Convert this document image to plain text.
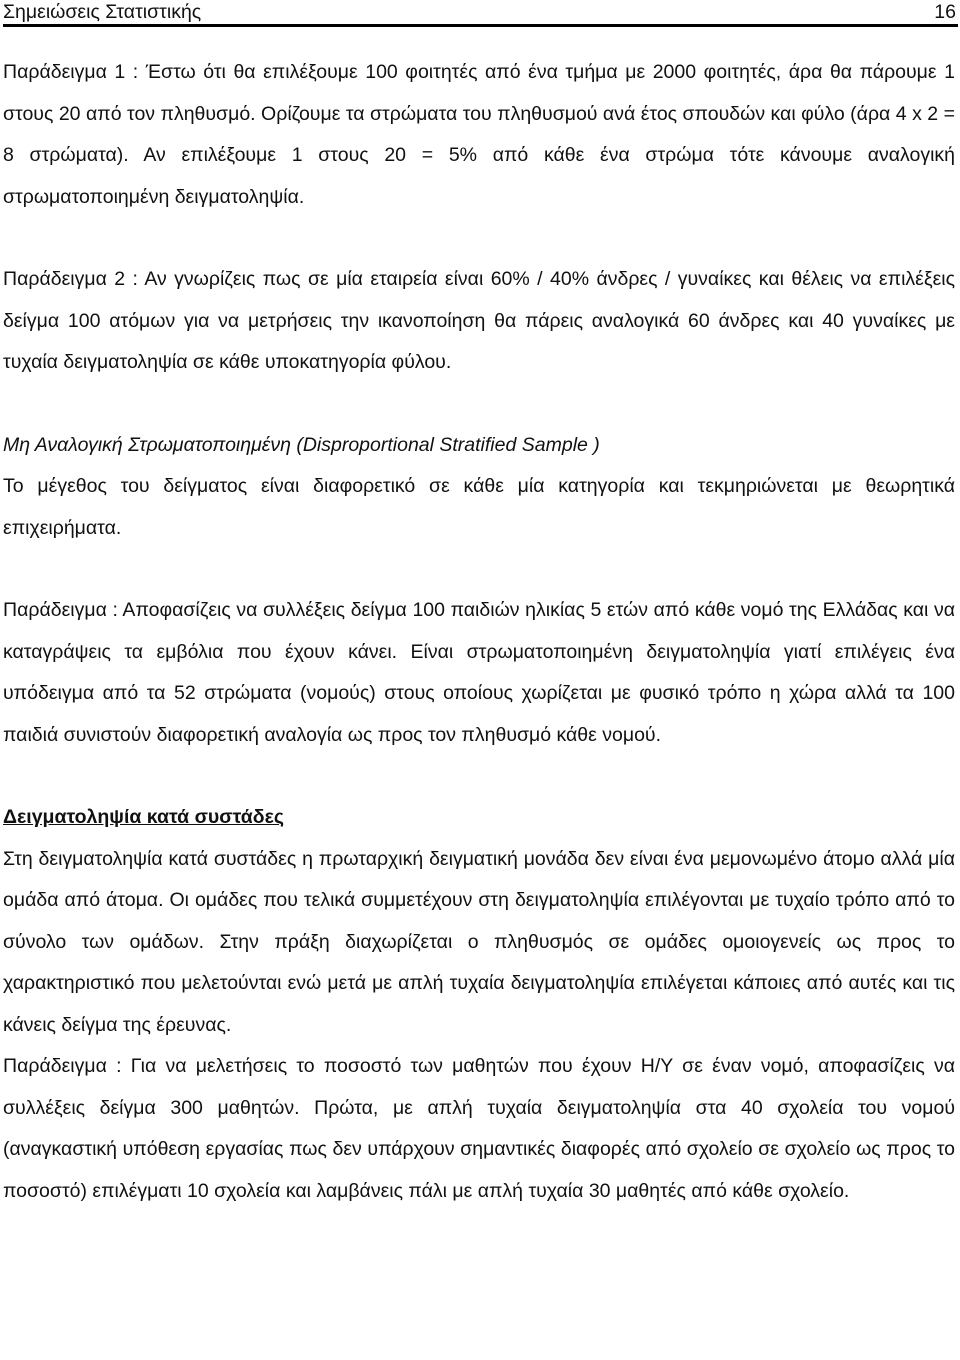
Σημειώσεις Στατιστικής	16

Παράδειγμα 1 : Έστω ότι θα επιλέξουμε 100 φοιτητές από ένα τμήμα με 2000 φοιτητές, άρα θα πάρουμε 1 στους 20 από τον πληθυσμό. Ορίζουμε τα στρώματα του πληθυσμού ανά έτος σπουδών και φύλο (άρα 4 x 2 = 8 στρώματα). Αν επιλέξουμε 1 στους 20 = 5% από κάθε ένα στρώμα τότε κάνουμε αναλογική στρωματοποιημένη δειγματοληψία.

Παράδειγμα 2 : Αν γνωρίζεις πως σε μία εταιρεία είναι 60% / 40% άνδρες / γυναίκες και θέλεις να επιλέξεις δείγμα 100 ατόμων για να μετρήσεις την ικανοποίηση θα πάρεις αναλογικά 60 άνδρες και 40 γυναίκες με τυχαία δειγματοληψία σε κάθε υποκατηγορία φύλου.

Μη Αναλογική Στρωματοποιημένη (Disproportional Stratified Sample )

Το μέγεθος του δείγματος είναι διαφορετικό σε κάθε μία κατηγορία και τεκμηριώνεται με θεωρητικά επιχειρήματα.

Παράδειγμα : Αποφασίζεις να συλλέξεις δείγμα 100 παιδιών ηλικίας 5 ετών από κάθε νομό της Ελλάδας και να καταγράψεις τα εμβόλια που έχουν κάνει. Είναι στρωματοποιημένη δειγματοληψία γιατί επιλέγεις ένα υπόδειγμα από τα 52 στρώματα (νομούς) στους οποίους χωρίζεται με φυσικό τρόπο η χώρα αλλά τα 100 παιδιά συνιστούν διαφορετική αναλογία ως προς τον πληθυσμό κάθε νομού.

Δειγματοληψία κατά συστάδες

Στη δειγματοληψία κατά συστάδες η πρωταρχική δειγματική μονάδα δεν είναι ένα μεμονωμένο άτομο αλλά μία ομάδα από άτομα. Οι ομάδες που τελικά συμμετέχουν στη δειγματοληψία επιλέγονται με τυχαίο τρόπο από το σύνολο των ομάδων. Στην πράξη διαχωρίζεται ο πληθυσμός σε ομάδες ομοιογενείς ως προς το χαρακτηριστικό που μελετούνται ενώ μετά με απλή τυχαία δειγματοληψία επιλέγεται κάποιες από αυτές και τις κάνεις δείγμα της έρευνας.

Παράδειγμα : Για να μελετήσεις το ποσοστό των μαθητών που έχουν Η/Υ σε έναν νομό, αποφασίζεις να συλλέξεις δείγμα 300 μαθητών. Πρώτα, με απλή τυχαία δειγματοληψία στα 40 σχολεία του νομού (αναγκαστική υπόθεση εργασίας πως δεν υπάρχουν σημαντικές διαφορές από σχολείο σε σχολείο ως προς το ποσοστό) επιλέγματι 10 σχολεία και λαμβάνεις πάλι με απλή τυχαία 30 μαθητές από κάθε σχολείο.
